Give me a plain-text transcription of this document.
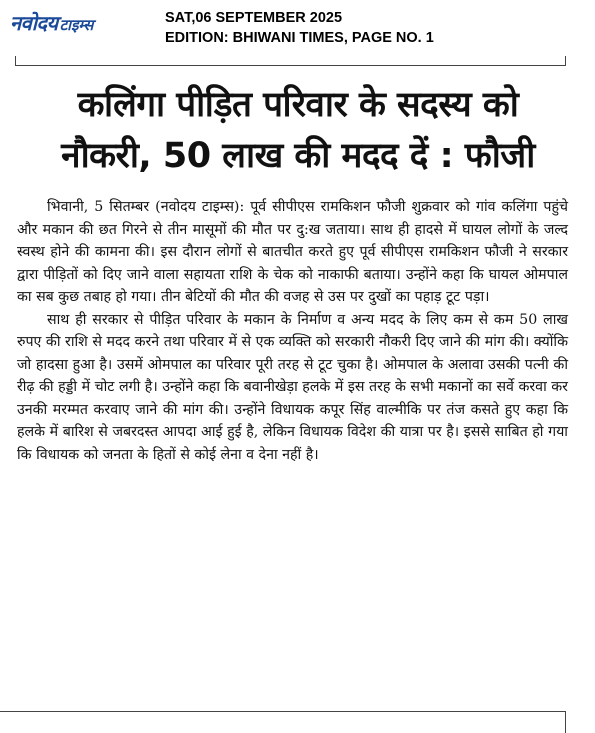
नवोदय टाइम्स	SAT,06 SEPTEMBER 2025
EDITION: BHIWANI TIMES, PAGE NO. 1
कलिंगा पीड़ित परिवार के सदस्य को
नौकरी, 50 लाख की मदद दें : फौजी

भिवानी, 5 सितम्बर (नवोदय टाइम्स): पूर्व सीपीएस रामकिशन फौजी शुक्रवार को गांव कलिंगा पहुंचे और मकान की छत गिरने से तीन मासूमों की मौत पर दु:ख जताया। साथ ही हादसे में घायल लोगों के जल्द स्वस्थ होने की कामना की। इस दौरान लोगों से बातचीत करते हुए पूर्व सीपीएस रामकिशन फौजी ने सरकार द्वारा पीड़ितों को दिए जाने वाला सहायता राशि के चेक को नाकाफी बताया। उन्होंने कहा कि घायल ओमपाल का सब कुछ तबाह हो गया। तीन बेटियों की मौत की वजह से उस पर दुखों का पहाड़ टूट पड़ा।

साथ ही सरकार से पीड़ित परिवार के मकान के निर्माण व अन्य मदद के लिए कम से कम 50 लाख रुपए की राशि से मदद करने तथा परिवार में से एक व्यक्ति को सरकारी नौकरी दिए जाने की मांग की। क्योंकि जो हादसा हुआ है। उसमें ओमपाल का परिवार पूरी तरह से टूट चुका है। ओमपाल के अलावा उसकी पत्नी की रीढ़ की हड्डी में चोट लगी है। उन्होंने कहा कि बवानीखेड़ा हलके में इस तरह के सभी मकानों का सर्वे करवा कर उनकी मरम्मत करवाए जाने की मांग की। उन्होंने विधायक कपूर सिंह वाल्मीकि पर तंज कसते हुए कहा कि हलके में बारिश से जबरदस्त आपदा आई हुई है, लेकिन विधायक विदेश की यात्रा पर है। इससे साबित हो गया कि विधायक को जनता के हितों से कोई लेना व देना नहीं है।
